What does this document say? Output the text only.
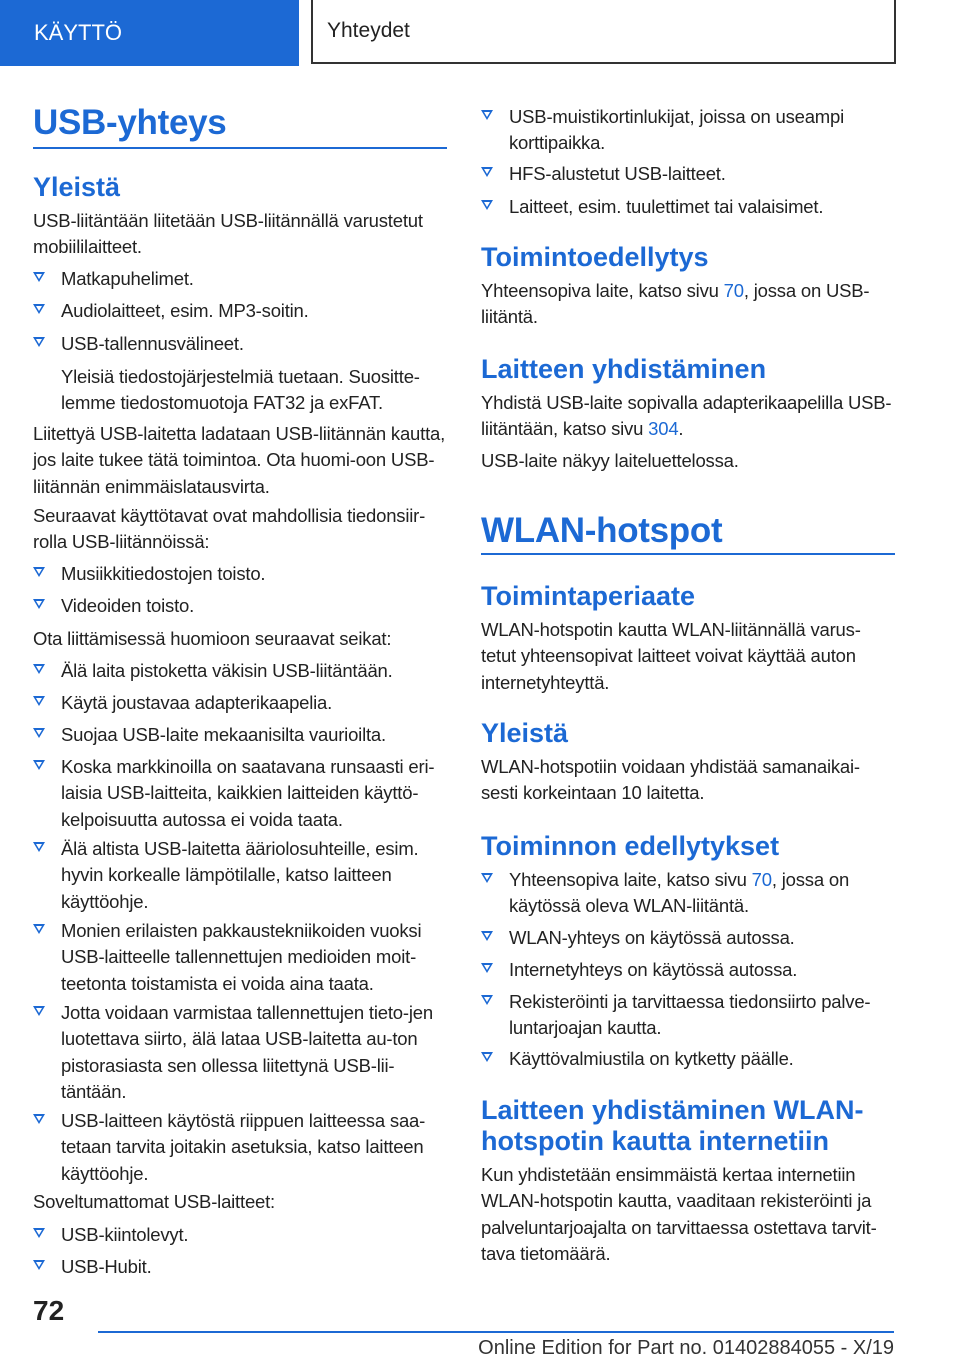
KÄYTTÖ	Yhteydet
USB-yhteys
Yleistä
USB-liitäntään liitetään USB-liitännällä varustetut mobiililaitteet.
Matkapuhelimet.
Audiolaitteet, esim. MP3-soitin.
USB-tallennusvälineet.
Yleisiä tiedostojärjestelmiä tuetaan. Suositte-lemme tiedostomuotoja FAT32 ja exFAT.
Liitettyä USB-laitetta ladataan USB-liitännän kautta, jos laite tukee tätä toimintoa. Ota huomi-oon USB-liitännän enimmäislatausvirta.
Seuraavat käyttötavat ovat mahdollisia tiedonsiir-rolla USB-liitännöissä:
Musiikkitiedostojen toisto.
Videoiden toisto.
Ota liittämisessä huomioon seuraavat seikat:
Älä laita pistoketta väkisin USB-liitäntään.
Käytä joustavaa adapterikaapelia.
Suojaa USB-laite mekaanisilta vaurioilta.
Koska markkinoilla on saatavana runsaasti eri-laisia USB-laitteita, kaikkien laitteiden käyttö-kelpoisuutta autossa ei voida taata.
Älä altista USB-laitetta ääriolosuhteille, esim. hyvin korkealle lämpötilalle, katso laitteen käyttöohje.
Monien erilaisten pakkaustekniikoiden vuoksi USB-laitteelle tallennettujen medioiden moit-teetonta toistamista ei voida aina taata.
Jotta voidaan varmistaa tallennettujen tieto-jen luotettava siirto, älä lataa USB-laitetta au-ton pistorasiasta sen ollessa liitettynä USB-lii-täntään.
USB-laitteen käytöstä riippuen laitteessa saa-tetaan tarvita joitakin asetuksia, katso laitteen käyttöohje.
Soveltumattomat USB-laitteet:
USB-kiintolevyt.
USB-Hubit.
USB-muistikortinlukijat, joissa on useampi korttipaikka.
HFS-alustetut USB-laitteet.
Laitteet, esim. tuulettimet tai valaisimet.
Toimintoedellytys
Yhteensopiva laite, katso sivu 70, jossa on USB-liitäntä.
Laitteen yhdistäminen
Yhdistä USB-laite sopivalla adapterikaapelilla USB-liitäntään, katso sivu 304.
USB-laite näkyy laiteluettelossa.
WLAN-hotspot
Toimintaperiaate
WLAN-hotspotin kautta WLAN-liitännällä varus-tetut yhteensopivat laitteet voivat käyttää auton internetyhteyttä.
Yleistä
WLAN-hotspotiin voidaan yhdistää samanaikai-sesti korkeintaan 10 laitetta.
Toiminnon edellytykset
Yhteensopiva laite, katso sivu 70, jossa on käytössä oleva WLAN-liitäntä.
WLAN-yhteys on käytössä autossa.
Internetyhteys on käytössä autossa.
Rekisteröinti ja tarvittaessa tiedonsiirto palve-luntarjoajan kautta.
Käyttövalmiustila on kytketty päälle.
Laitteen yhdistäminen WLAN-
hotspotin kautta internetiin
Kun yhdistetään ensimmäistä kertaa internetiin WLAN-hotspotin kautta, vaaditaan rekisteröinti ja palveluntarjoajalta on tarvittaessa ostettava tarvit-tava tietomäärä.
72
Online Edition for Part no. 01402884055 - X/19
